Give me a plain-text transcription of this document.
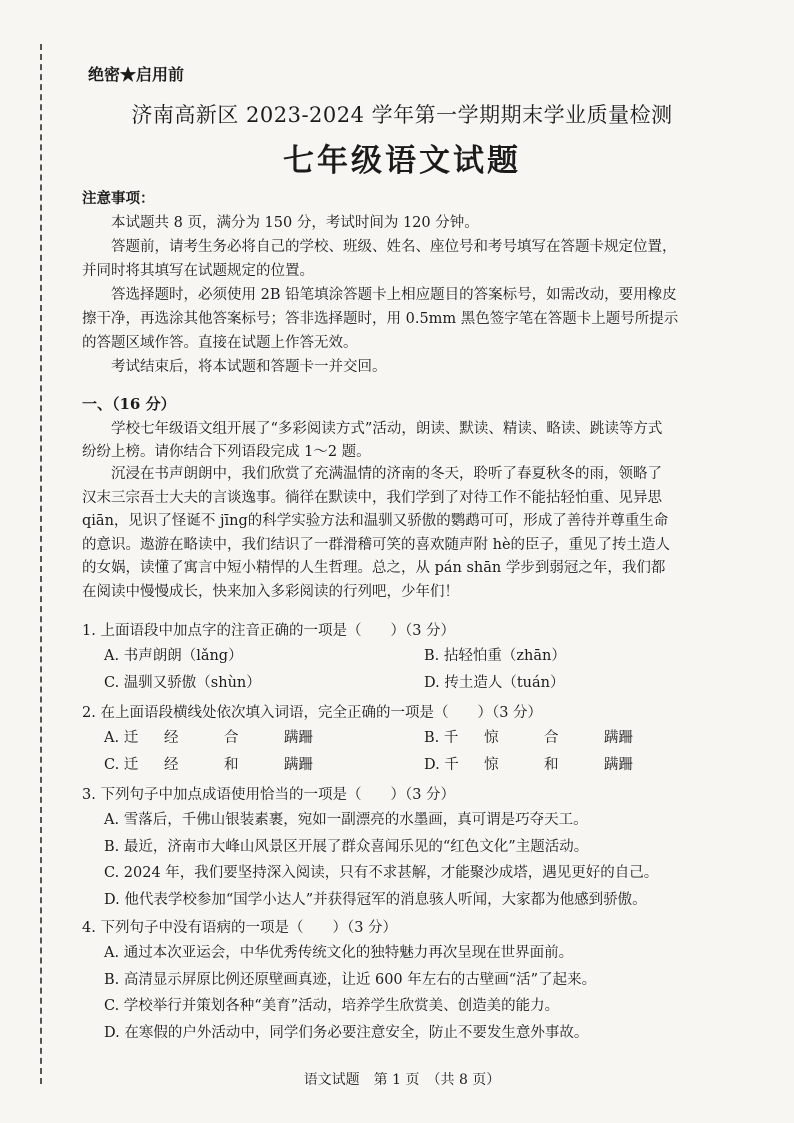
绝密★启用前
济南高新区 2023-2024 学年第一学期期末学业质量检测
七年级语文试题
注意事项：

本试题共 8 页，满分为 150 分，考试时间为 120 分钟。

答题前，请考生务必将自己的学校、班级、姓名、座位号和考号填写在答题卡规定位置，

并同时将其填写在试题规定的位置。

答选择题时，必须使用 2B 铅笔填涂答题卡上相应题目的答案标号，如需改动，要用橡皮

擦干净，再选涂其他答案标号；答非选择题时，用 0.5mm 黑色签字笔在答题卡上题号所提示

的答题区域作答。直接在试题上作答无效。

考试结束后，将本试题和答题卡一并交回。

一、（16 分）

学校七年级语文组开展了“多彩阅读方式”活动，朗读、默读、精读、略读、跳读等方式

纷纷上榜。请你结合下列语段完成 1～2 题。

沉浸在书声朗朗中，我们欣赏了充满温情的济南的冬天，聆听了春夏秋冬的雨，领略了

汉末三宗吾士大夫的言谈逸事。徜徉在默读中，我们学到了对待工作不能拈轻怕重、见异思

qiān，见识了怪诞不 jīng的科学实验方法和温驯又骄傲的鹦鹉可可，形成了善待并尊重生命

的意识。遨游在略读中，我们结识了一群滑稽可笑的喜欢随声附 hè的臣子，重见了抟土造人

的女娲，读懂了寓言中短小精悍的人生哲理。总之，从 pán shān 学步到弱冠之年，我们都

在阅读中慢慢成长，快来加入多彩阅读的行列吧，少年们！

1. 上面语段中加点字的注音正确的一项是（　　）（3 分）
A. 书声朗朗（lǎng）	B. 拈轻怕重（zhān）
C. 温驯又骄傲（shùn）	D. 抟土造人（tuán）
2. 在上面语段横线处依次填入词语，完全正确的一项是（　　）（3 分）
A. 迁	经	合	蹒跚	B. 千	惊	合	蹒跚
C. 迁	经	和	蹒跚	D. 千	惊	和	蹒跚
3. 下列句子中加点成语使用恰当的一项是（　　）（3 分）
A. 雪落后，千佛山银装素裹，宛如一副漂亮的水墨画，真可谓是巧夺天工。
B. 最近，济南市大峰山风景区开展了群众喜闻乐见的“红色文化”主题活动。
C. 2024 年，我们要坚持深入阅读，只有不求甚解，才能聚沙成塔，遇见更好的自己。
D. 他代表学校参加“国学小达人”并获得冠军的消息骇人听闻，大家都为他感到骄傲。
4. 下列句子中没有语病的一项是（　　）（3 分）
A. 通过本次亚运会，中华优秀传统文化的独特魅力再次呈现在世界面前。
B. 高清显示屏原比例还原壁画真迹，让近 600 年左右的古壁画“活”了起来。
C. 学校举行并策划各种“美育”活动，培养学生欣赏美、创造美的能力。
D. 在寒假的户外活动中，同学们务必要注意安全，防止不要发生意外事故。
语文试题　第 1 页　（共 8 页）
